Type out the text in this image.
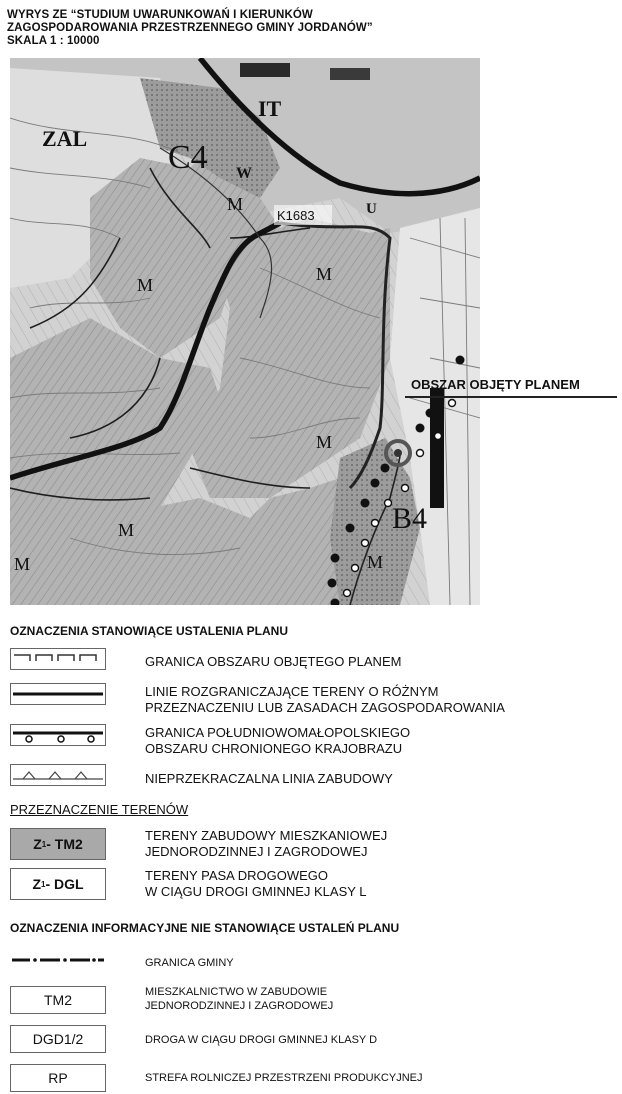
WYRYS ZE “STUDIUM UWARUNKOWAŃ I KIERUNKÓW
ZAGOSPODAROWANIA PRZESTRZENNEGO GMINY JORDANÓW”
SKALA 1 : 10000
ZAL
IT
C4 W
M	U
M
M
M
M	B4
M
M
K1683
OBSZAR OBJĘTY PLANEM
OZNACZENIA STANOWIĄCE USTALENIA PLANU
GRANICA OBSZARU OBJĘTEGO PLANEM
LINIE ROZGRANICZAJĄCE TERENY O RÓŻNYM
PRZEZNACZENIU LUB ZASADACH ZAGOSPODAROWANIA
GRANICA POŁUDNIOWOMAŁOPOLSKIEGO
OBSZARU CHRONIONEGO KRAJOBRAZU
NIEPRZEKRACZALNA LINIA ZABUDOWY
PRZEZNACZENIE TERENÓW
Z 1 - TM2
TERENY ZABUDOWY MIESZKANIOWEJ
JEDNORODZINNEJ I ZAGRODOWEJ
Z 1 - DGL
TERENY PASA DROGOWEGO
W CIĄGU DROGI GMINNEJ KLASY L
OZNACZENIA INFORMACYJNE NIE STANOWIĄCE USTALEŃ PLANU
GRANICA GMINY
TM2	MIESZKALNICTWO W ZABUDOWIE
JEDNORODZINNEJ I ZAGRODOWEJ
DGD1/2	DROGA W CIĄGU DROGI GMINNEJ KLASY D
RP	STREFA ROLNICZEJ PRZESTRZENI PRODUKCYJNEJ
